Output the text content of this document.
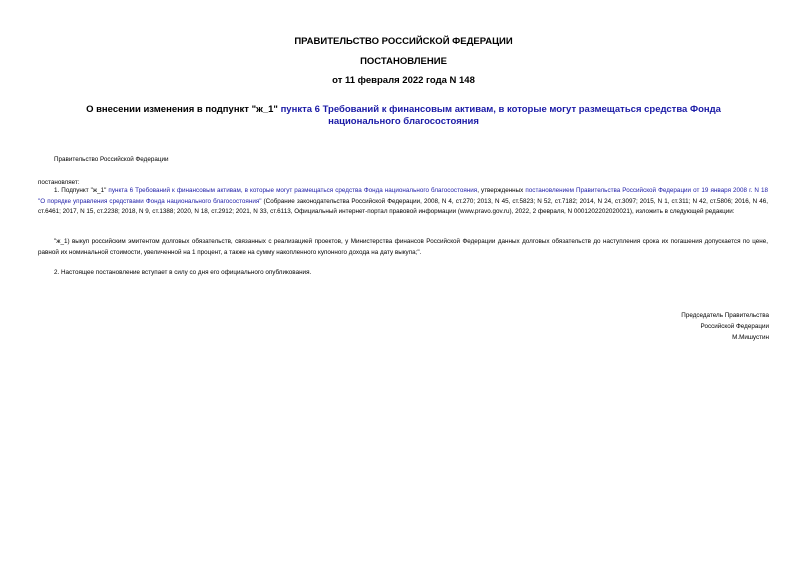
ПРАВИТЕЛЬСТВО РОССИЙСКОЙ ФЕДЕРАЦИИ
ПОСТАНОВЛЕНИЕ
от 11 февраля 2022 года N 148
О внесении изменения в подпункт "ж_1" пункта 6 Требований к финансовым активам, в которые могут размещаться средства Фонда национального благосостояния
Правительство Российской Федерации
постановляет:
1. Подпункт "ж_1" пункта 6 Требований к финансовым активам, в которые могут размещаться средства Фонда национального благосостояния, утвержденных постановлением Правительства Российской Федерации от 19 января 2008 г. N 18 "О порядке управления средствами Фонда национального благосостояния" (Собрание законодательства Российской Федерации, 2008, N 4, ст.270; 2013, N 45, ст.5823; N 52, ст.7182; 2014, N 24, ст.3097; 2015, N 1, ст.311; N 42, ст.5806; 2016, N 46, ст.6461; 2017, N 15, ст.2238; 2018, N 9, ст.1388; 2020, N 18, ст.2912; 2021, N 33, ст.6113, Официальный интернет-портал правовой информации (www.pravo.gov.ru), 2022, 2 февраля, N 0001202202020021), изложить в следующей редакции:
"ж_1) выкуп российским эмитентом долговых обязательств, связанных с реализацией проектов, у Министерства финансов Российской Федерации данных долговых обязательств до наступления срока их погашения допускается по цене, равной их номинальной стоимости, увеличенной на 1 процент, а также на сумму накопленного купонного дохода на дату выкупа;".
2. Настоящее постановление вступает в силу со дня его официального опубликования.
Председатель Правительства
Российской Федерации
М.Мишустин
